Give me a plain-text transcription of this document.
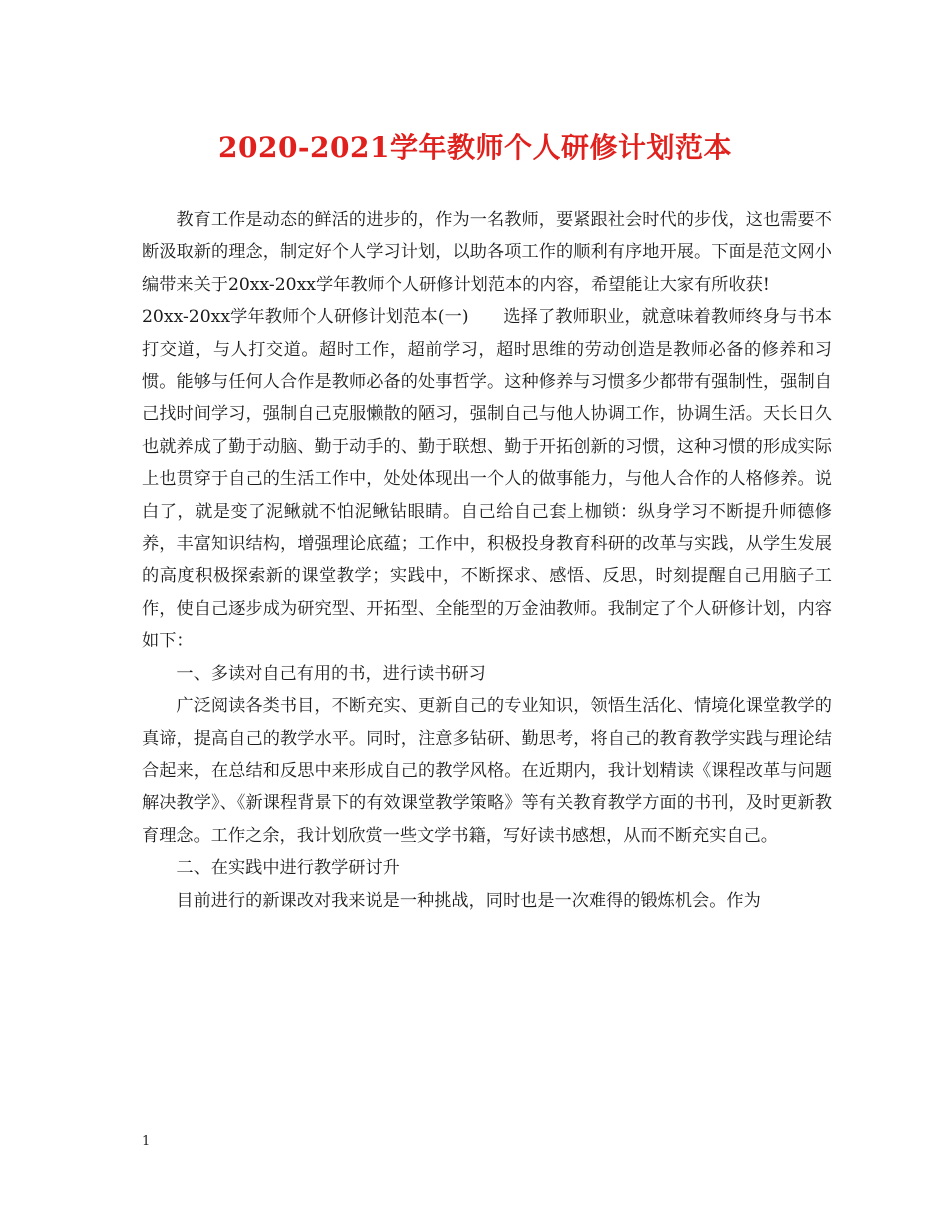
2020-2021学年教师个人研修计划范本

教育工作是动态的鲜活的进步的，作为一名教师，要紧跟社会时代的步伐，这也需要不断汲取新的理念，制定好个人学习计划，以助各项工作的顺利有序地开展。下面是范文网小编带来关于20xx-20xx学年教师个人研修计划范本的内容，希望能让大家有所收获!

20xx-20xx学年教师个人研修计划范本(一)　　选择了教师职业，就意味着教师终身与书本打交道，与人打交道。超时工作，超前学习，超时思维的劳动创造是教师必备的修养和习惯。能够与任何人合作是教师必备的处事哲学。这种修养与习惯多少都带有强制性，强制自己找时间学习，强制自己克服懒散的陋习，强制自己与他人协调工作，协调生活。天长日久也就养成了勤于动脑、勤于动手的、勤于联想、勤于开拓创新的习惯，这种习惯的形成实际上也贯穿于自己的生活工作中，处处体现出一个人的做事能力，与他人合作的人格修养。说白了，就是变了泥鳅就不怕泥鳅钻眼睛。自己给自己套上枷锁：纵身学习不断提升师德修养，丰富知识结构，增强理论底蕴；工作中，积极投身教育科研的改革与实践，从学生发展的高度积极探索新的课堂教学；实践中，不断探求、感悟、反思，时刻提醒自己用脑子工作，使自己逐步成为研究型、开拓型、全能型的万金油教师。我制定了个人研修计划，内容如下：

一、多读对自己有用的书，进行读书研习

广泛阅读各类书目，不断充实、更新自己的专业知识，领悟生活化、情境化课堂教学的真谛，提高自己的教学水平。同时，注意多钻研、勤思考，将自己的教育教学实践与理论结合起来，在总结和反思中来形成自己的教学风格。在近期内，我计划精读《课程改革与问题解决教学》、《新课程背景下的有效课堂教学策略》等有关教育教学方面的书刊，及时更新教育理念。工作之余，我计划欣赏一些文学书籍，写好读书感想，从而不断充实自己。

二、在实践中进行教学研讨升

目前进行的新课改对我来说是一种挑战，同时也是一次难得的锻炼机会。作为

1
